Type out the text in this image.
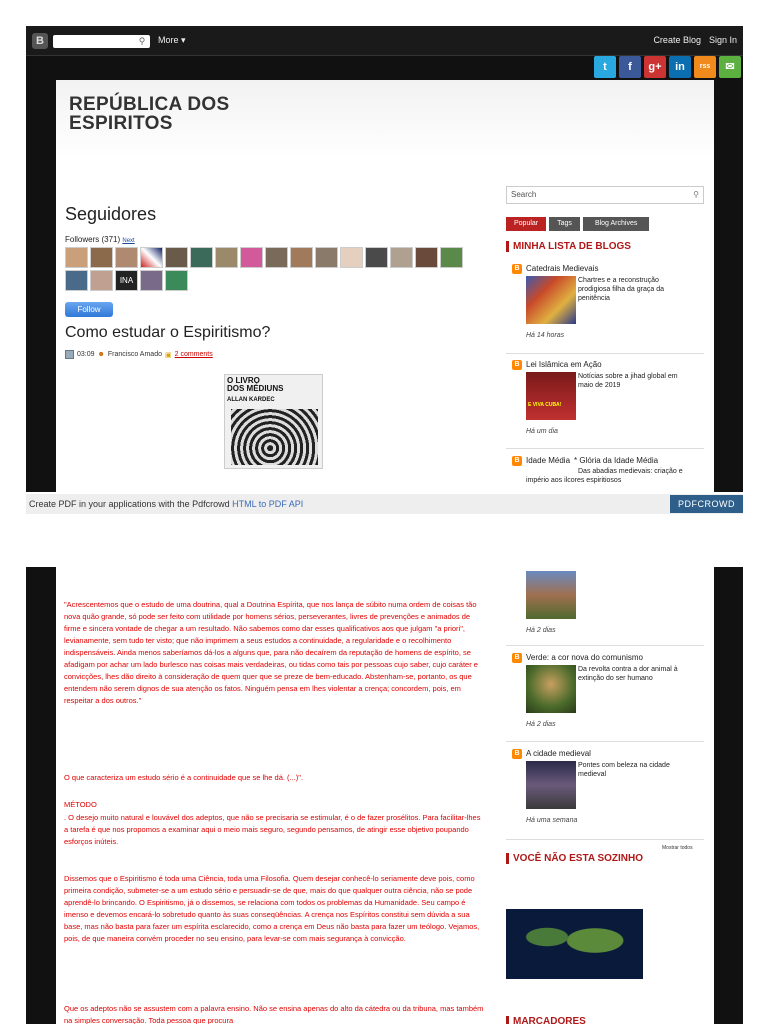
B	⚲	More ▾	Create Blog Sign In
t	f	g+	in	rss	✉
REPÚBLICA DOS
ESPIRITOS
Seguidores
Followers (371) Next
INA
Follow
Como estudar o Espiritismo?
03:09 ☻ Francisco Amado ▣ 2 comments
O LIVRO
DOS MÉDIUNS
ALLAN KARDEC
Search	⚲
Popular	Tags	Blog Archives
MINHA LISTA DE BLOGS
B Catedrais Medievais
Chartres e a reconstrução prodigiosa filha da graça da penitência
Há 14 horas
B Lei Islâmica em Ação
E VIVA CUBA!
Notícias sobre a jihad global em maio de 2019
Há um dia
B Idade Média * Glória da Idade Média
Das abadias medievais: criação e império aos ilcores espiritiosos
Create PDF in your applications with the Pdfcrowd HTML to PDF API	PDFCROWD
"Acrescentemos que o estudo de uma doutrina, qual a Doutrina Espírita, que nos lança de súbito numa ordem de coisas tão nova quão grande, só pode ser feito com utilidade por homens sérios, perseverantes, livres de prevenções e animados de firme e sincera vontade de chegar a um resultado. Não sabemos como dar esses qualificativos aos que julgam "a priori", levianamente, sem tudo ter visto; que não imprimem a seus estudos a continuidade, a regularidade e o recolhimento indispensáveis. Ainda menos saberíamos dá-los a alguns que, para não decaírem da reputação de homens de espírito, se afadigam por achar um lado burlesco nas coisas mais verdadeiras, ou tidas como tais por pessoas cujo saber, cujo caráter e convicções, lhes dão direito à consideração de quem quer que se preze de bem-educado. Abstenham-se, portanto, os que entendem não serem dignos de sua atenção os fatos. Ninguém pensa em lhes violentar a crença; concordem, pois, em respeitar a dos outros."
O que caracteriza um estudo sério é a continuidade que se lhe dá. (...)".
MÉTODO
. O desejo muito natural e louvável dos adeptos, que não se precisaria se estimular, é o de fazer prosélitos. Para facilitar-lhes a tarefa é que nos propomos a examinar aqui o meio mais seguro, segundo pensamos, de atingir esse objetivo poupando esforços inúteis.
Dissemos que o Espiritismo é toda uma Ciência, toda uma Filosofia. Quem desejar conhecê-lo seriamente deve pois, como primeira condição, submeter-se a um estudo sério e persuadir-se de que, mais do que qualquer outra ciência, não se pode aprendê-lo brincando. O Espiritismo, já o dissemos, se relaciona com todos os problemas da Humanidade. Seu campo é imenso e devemos encará-lo sobretudo quanto às suas conseqüências. A crença nos Espíritos constitui sem dúvida a sua base, mas não basta para fazer um espírita esclarecido, como a crença em Deus não basta para fazer um teólogo. Vejamos, pois, de que maneira convém proceder no seu ensino, para levar-se com mais segurança à convicção.
Que os adeptos não se assustem com a palavra ensino. Não se ensina apenas do alto da cátedra ou da tribuna, mas também na simples conversação. Toda pessoa que procura
Há 2 dias
B Verde: a cor nova do comunismo
Da revolta contra a dor animal à extinção do ser humano
Há 2 dias
B A cidade medieval
Pontes com beleza na cidade medieval
Há uma semana
Mostrar todos
VOCÊ NÃO ESTA SOZINHO
MARCADORES
